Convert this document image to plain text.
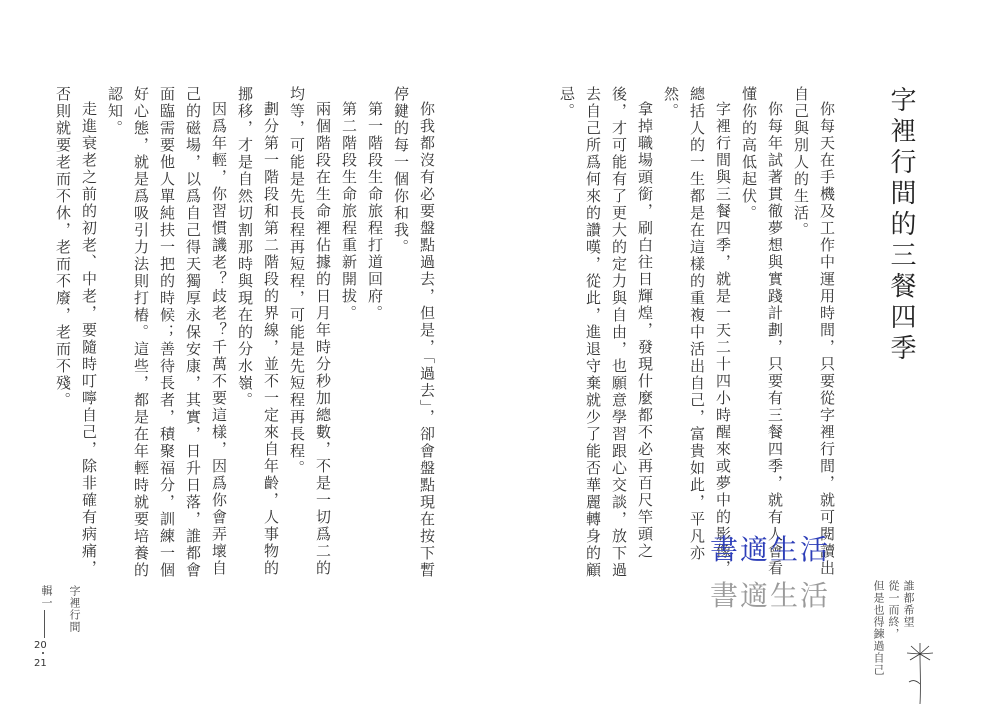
字裡行間的三餐四季

你每天在手機及工作中運用時間，只要從字裡行間，就可閱讀出自己與別人的生活。

你每年試著貫徹夢想與實踐計劃，只要有三餐四季，就有人會看懂你的高低起伏。

字裡行間與三餐四季，就是一天二十四小時醒來或夢中的影像，總括人的一生都是在這樣的重複中活出自己，富貴如此，平凡亦然。

拿掉職場頭銜，刷白往日輝煌，發現什麼都不必再百尺竿頭之後，才可能有了更大的定力與自由，也願意學習跟心交談，放下過去自己所爲何來的讚嘆，從此，進退守棄就少了能否華麗轉身的顧忌。

你我都沒有必要盤點過去，但是，「過去」，卻會盤點現在按下暫停鍵的每一個你和我。

第一階段生命旅程打道回府。

第二階段生命旅程重新開拔。

兩個階段在生命裡佔據的日月年時分秒加總數，不是一切爲二的均等，可能是先長程再短程，可能是先短程再長程。

劃分第一階段和第二階段的界線，並不一定來自年齡，人事物的挪移，才是自然切割那時與現在的分水嶺。

因爲年輕，你習慣譏老？歧老？千萬不要這樣，因爲你會弄壞自己的磁場，以爲自己得天獨厚永保安康，其實，日升日落，誰都會面臨需要他人單純扶一把的時候；善待長者，積聚福分，訓練一個好心態，就是爲吸引力法則打樁。這些，都是在年輕時就要培養的認知。

走進衰老之前的初老、中老，要隨時叮嚀自己，除非確有病痛，否則就要老而不休，老而不廢，老而不殘。

書適生活
書適生活	誰都希望

從一而終，

但是也得鍊過自己

字裡行間
輯一
20
21
